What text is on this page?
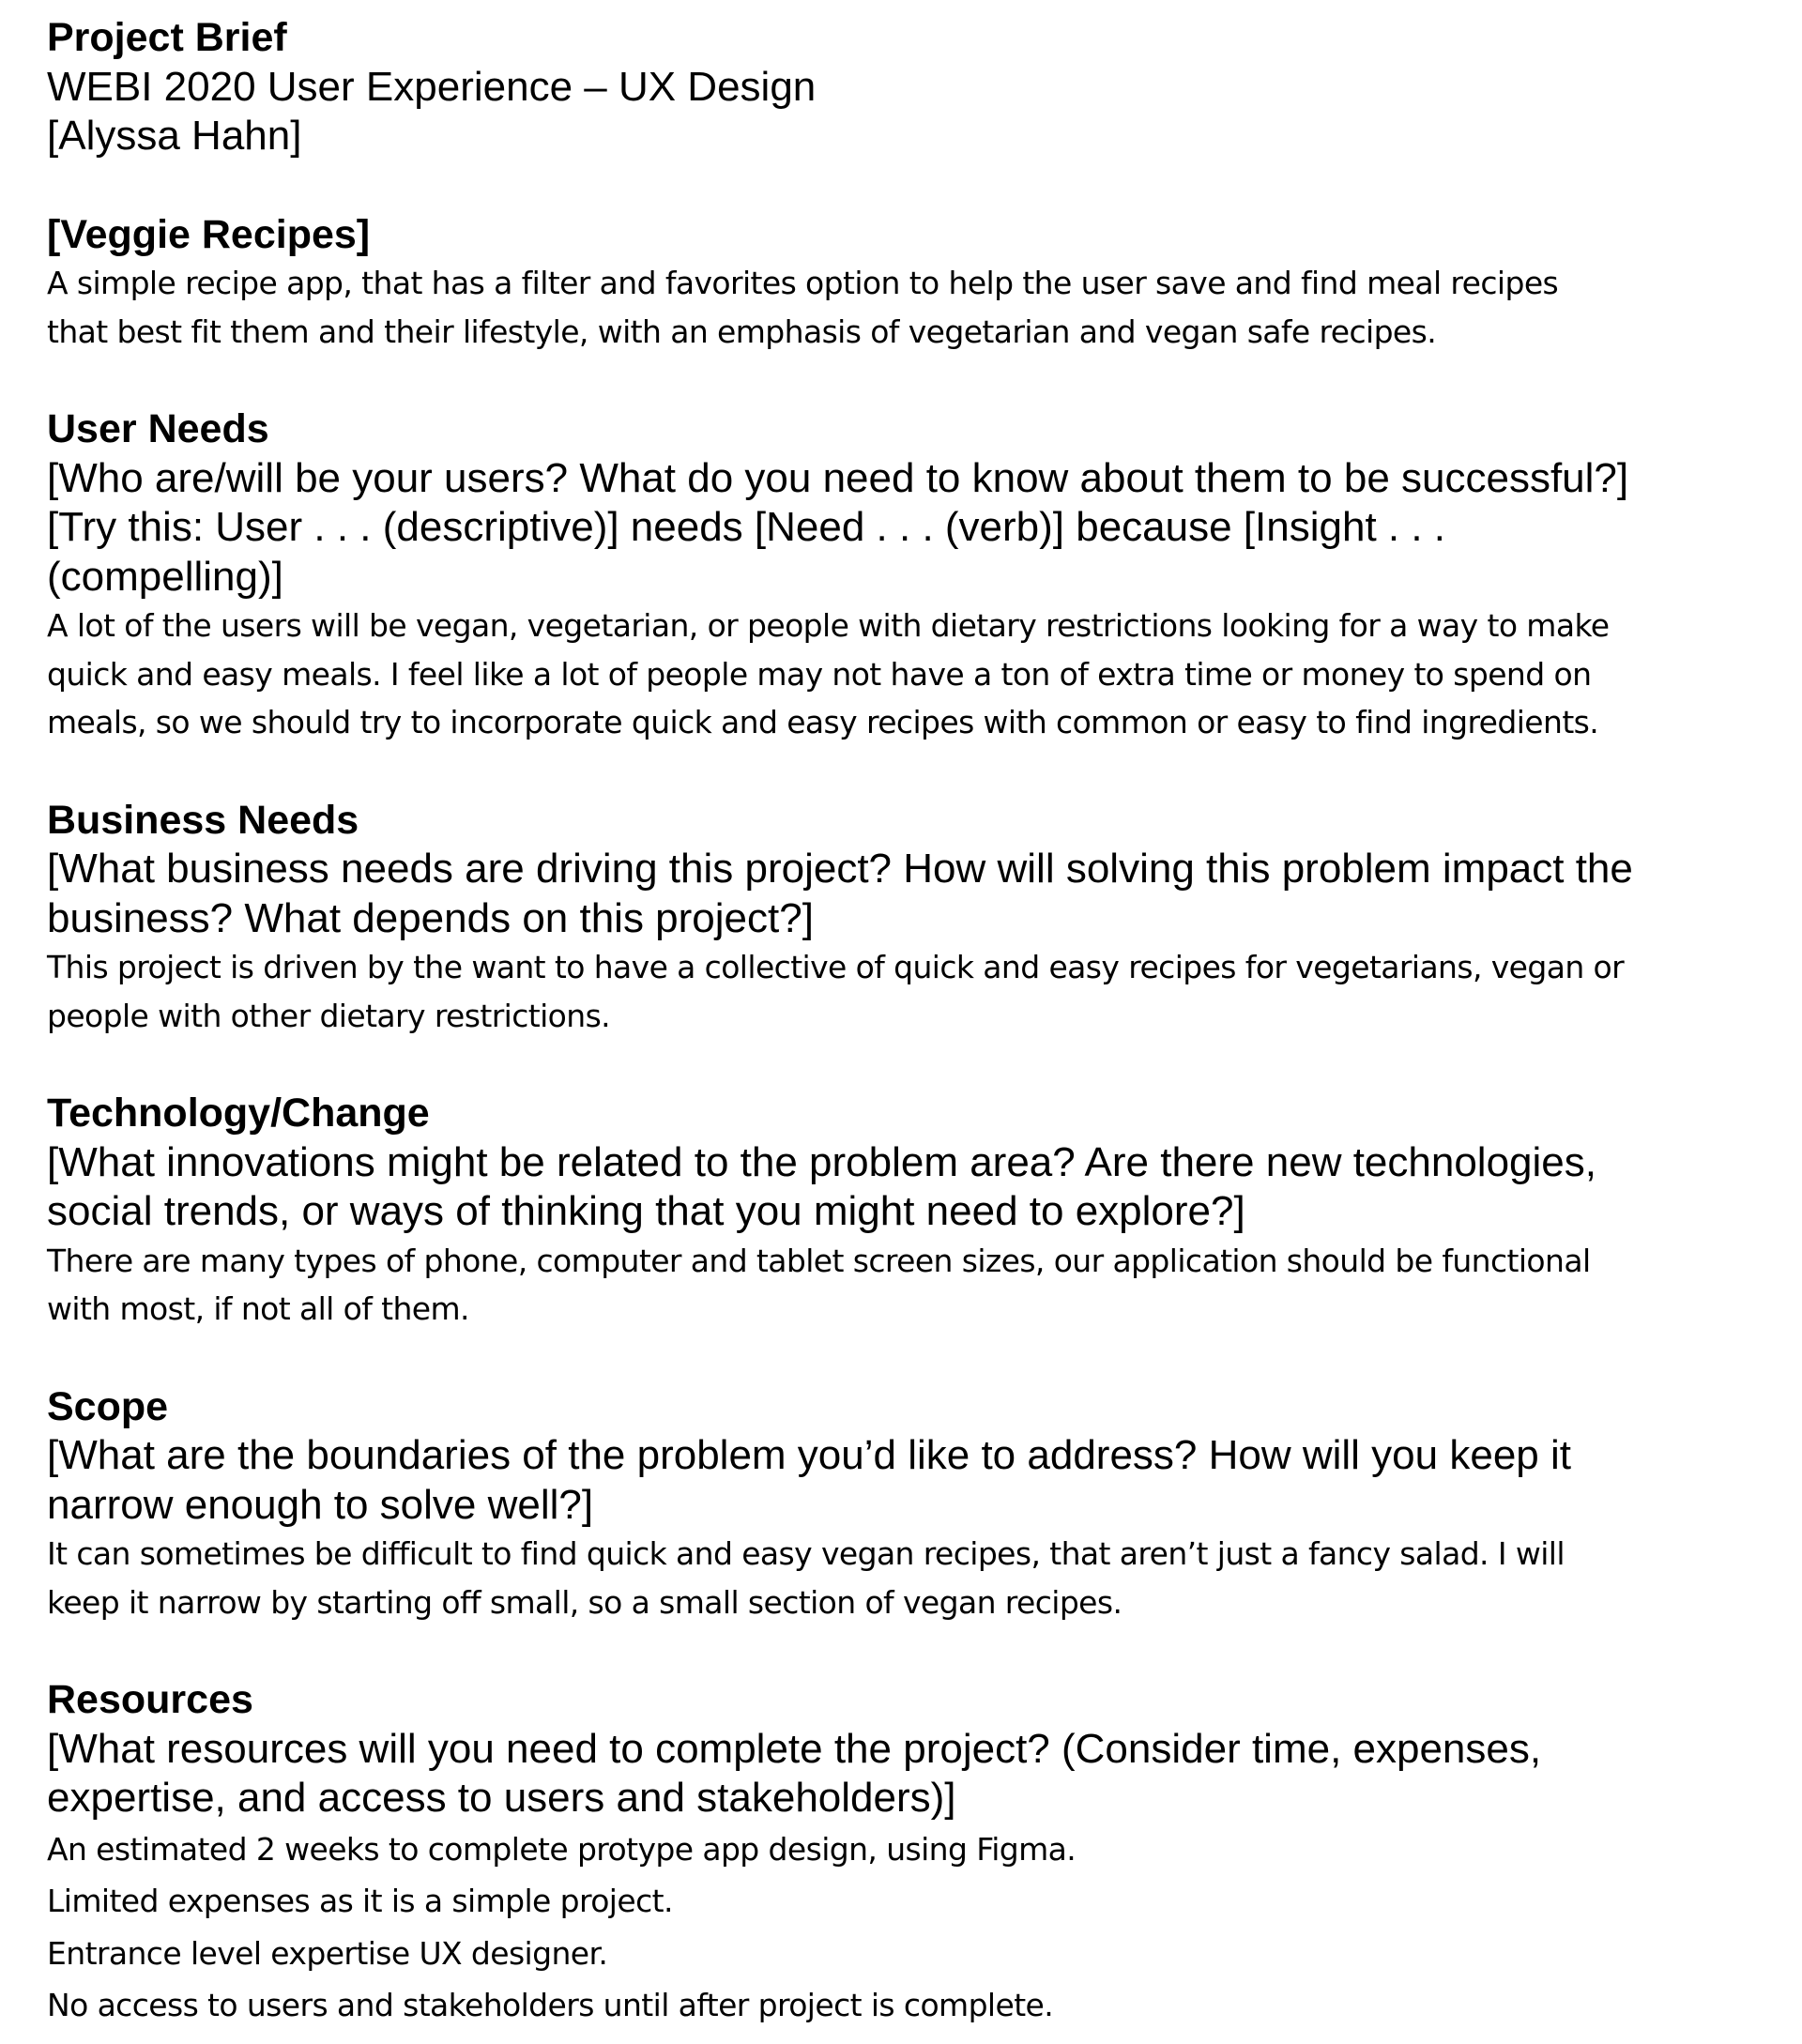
Project Brief
WEBI 2020 User Experience – UX Design
[Alyssa Hahn]
[Veggie Recipes]
A simple recipe app, that has a filter and favorites option to help the user save and find meal recipes
that best fit them and their lifestyle, with an emphasis of vegetarian and vegan safe recipes.
User Needs
[Who are/will be your users? What do you need to know about them to be successful?]
[Try this: User . . . (descriptive)] needs [Need . . . (verb)] because [Insight . . .
(compelling)]
A lot of the users will be vegan, vegetarian, or people with dietary restrictions looking for a way to make
quick and easy meals. I feel like a lot of people may not have a ton of extra time or money to spend on
meals, so we should try to incorporate quick and easy recipes with common or easy to find ingredients.
Business Needs
[What business needs are driving this project? How will solving this problem impact the
business? What depends on this project?]
This project is driven by the want to have a collective of quick and easy recipes for vegetarians, vegan or
people with other dietary restrictions.
Technology/Change
[What innovations might be related to the problem area? Are there new technologies,
social trends, or ways of thinking that you might need to explore?]
There are many types of phone, computer and tablet screen sizes, our application should be functional
with most, if not all of them.
Scope
[What are the boundaries of the problem you’d like to address? How will you keep it
narrow enough to solve well?]
It can sometimes be difficult to find quick and easy vegan recipes, that aren’t just a fancy salad. I will
keep it narrow by starting off small, so a small section of vegan recipes.
Resources
[What resources will you need to complete the project? (Consider time, expenses,
expertise, and access to users and stakeholders)]
An estimated 2 weeks to complete protype app design, using Figma.
Limited expenses as it is a simple project.
Entrance level expertise UX designer.
No access to users and stakeholders until after project is complete.
